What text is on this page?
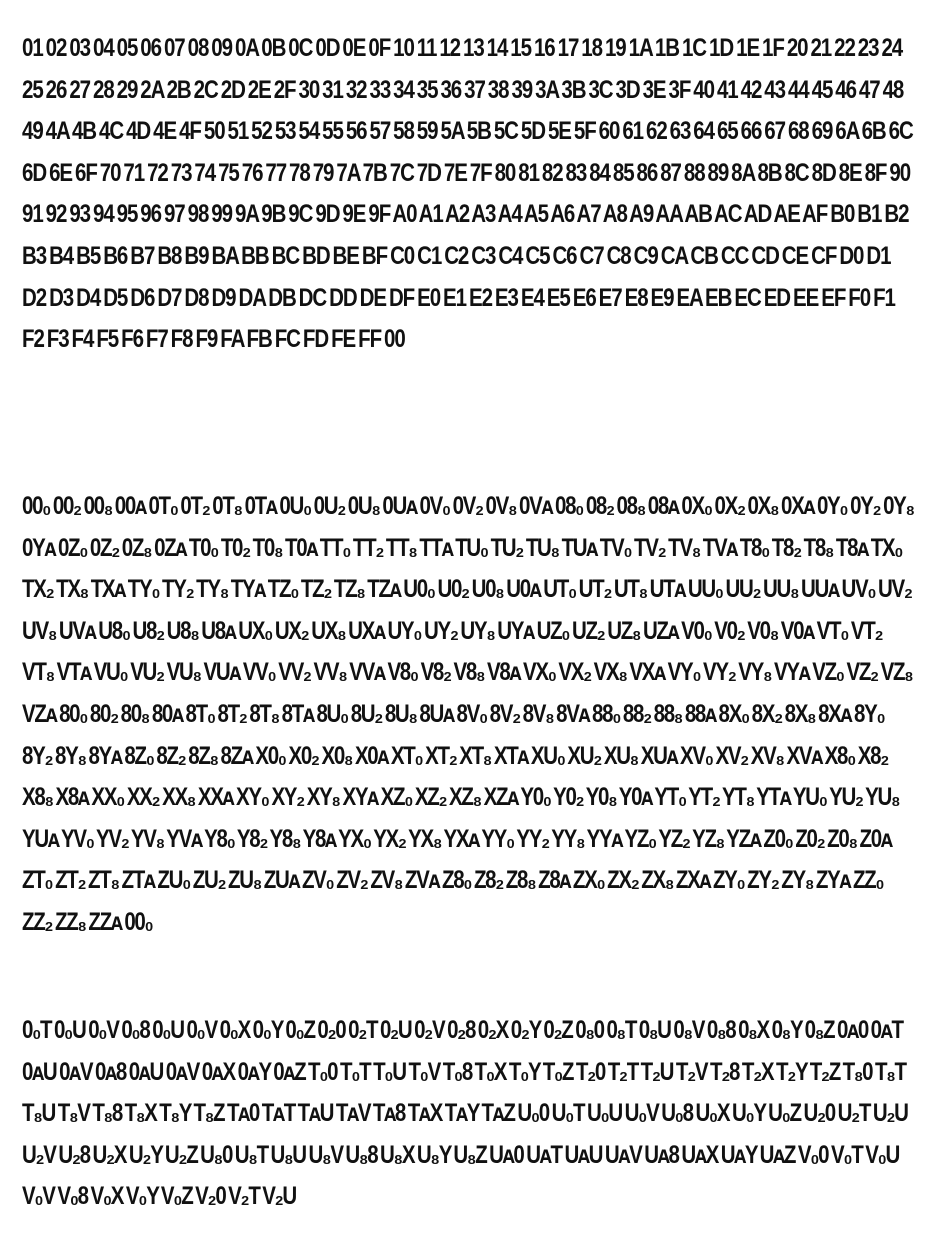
01 02 03 04 05 06 07 08 09 0A 0B 0C 0D 0E 0F 10 11 12 13 14 15 16 17 18 19 1A 1B 1C 1D 1E 1F 20 21 22 23 24 25 26 27 28 29 2A 2B 2C 2D 2E 2F 30 31 32 33 34 35 36 37 38 39 3A 3B 3C 3D 3E 3F 40 41 42 43 44 45 46 47 48 49 4A 4B 4C 4D 4E 4F 50 51 52 53 54 55 56 57 58 59 5A 5B 5C 5D 5E 5F 60 61 62 63 64 65 66 67 68 69 6A 6B 6C 6D 6E 6F 70 71 72 73 74 75 76 77 78 79 7A 7B 7C 7D 7E 7F 80 81 82 83 84 85 86 87 88 89 8A 8B 8C 8D 8E 8F 90 91 92 93 94 95 96 97 98 99 9A 9B 9C 9D 9E 9F A0 A1 A2 A3 A4 A5 A6 A7 A8 A9 AA AB AC AD AE AF B0 B1 B2 B3 B4 B5 B6 B7 B8 B9 BA BB BC BD BE BF C0 C1 C2 C3 C4 C5 C6 C7 C8 C9 CA CB CC CD CE CF D0 D1 D2 D3 D4 D5 D6 D7 D8 D9 DA DB DC DD DE DF E0 E1 E2 E3 E4 E5 E6 E7 E8 E9 EA EB EC ED EE EF F0 F1 F2 F3 F4 F5 F6 F7 F8 F9 FA FB FC FD FE FF 00

00₀ 00₂ 00₈ 00ᴀ 0T₀ 0T₂ 0T₈ 0Tᴀ 0U₀ 0U₂ 0U₈ 0Uᴀ 0V₀ 0V₂ 0V₈ 0Vᴀ 08₀ 08₂ 08₈ 08ᴀ 0X₀ 0X₂ 0X₈ 0Xᴀ 0Y₀ 0Y₂ 0Y₈ 0Yᴀ 0Z₀ 0Z₂ 0Z₈ 0Zᴀ T0₀ T0₂ T0₈ T0ᴀ TT₀ TT₂ TT₈ TTᴀ TU₀ TU₂ TU₈ TUᴀ TV₀ TV₂ TV₈ TVᴀ T8₀ T8₂ T8₈ T8ᴀ TX₀ TX₂ TX₈ TXᴀ TY₀ TY₂ TY₈ TYᴀ TZ₀ TZ₂ TZ₈ TZᴀ U0₀ U0₂ U0₈ U0ᴀ UT₀ UT₂ UT₈ UTᴀ UU₀ UU₂ UU₈ UUᴀ UV₀ UV₂ UV₈ UVᴀ U8₀ U8₂ U8₈ U8ᴀ UX₀ UX₂ UX₈ UXᴀ UY₀ UY₂ UY₈ UYᴀ UZ₀ UZ₂ UZ₈ UZᴀ V0₀ V0₂ V0₈ V0ᴀ VT₀ VT₂ VT₈ VTᴀ VU₀ VU₂ VU₈ VUᴀ VV₀ VV₂ VV₈ VVᴀ V8₀ V8₂ V8₈ V8ᴀ VX₀ VX₂ VX₈ VXᴀ VY₀ VY₂ VY₈ VYᴀ VZ₀ VZ₂ VZ₈ VZᴀ 80₀ 80₂ 80₈ 80ᴀ 8T₀ 8T₂ 8T₈ 8Tᴀ 8U₀ 8U₂ 8U₈ 8Uᴀ 8V₀ 8V₂ 8V₈ 8Vᴀ 88₀ 88₂ 88₈ 88ᴀ 8X₀ 8X₂ 8X₈ 8Xᴀ 8Y₀ 8Y₂ 8Y₈ 8Yᴀ 8Z₀ 8Z₂ 8Z₈ 8Zᴀ X0₀ X0₂ X0₈ X0ᴀ XT₀ XT₂ XT₈ XTᴀ XU₀ XU₂ XU₈ XUᴀ XV₀ XV₂ XV₈ XVᴀ X8₀ X8₂ X8₈ X8ᴀ XX₀ XX₂ XX₈ XXᴀ XY₀ XY₂ XY₈ XYᴀ XZ₀ XZ₂ XZ₈ XZᴀ Y0₀ Y0₂ Y0₈ Y0ᴀ YT₀ YT₂ YT₈ YTᴀ YU₀ YU₂ YU₈ YUᴀ YV₀ YV₂ YV₈ YVᴀ Y8₀ Y8₂ Y8₈ Y8ᴀ YX₀ YX₂ YX₈ YXᴀ YY₀ YY₂ YY₈ YYᴀ YZ₀ YZ₂ YZ₈ YZᴀ Z0₀ Z0₂ Z0₈ Z0ᴀ ZT₀ ZT₂ ZT₈ ZTᴀ ZU₀ ZU₂ ZU₈ ZUᴀ ZV₀ ZV₂ ZV₈ ZVᴀ Z8₀ Z8₂ Z8₈ Z8ᴀ ZX₀ ZX₂ ZX₈ ZXᴀ ZY₀ ZY₂ ZY₈ ZYᴀ ZZ₀ ZZ₂ ZZ₈ ZZᴀ 00₀

0₀T 0₀U 0₀V 0₀8 0₀U 0₀V 0₀X 0₀Y 0₀Z 0₂0 0₂T 0₂U 0₂V 0₂8 0₂X 0₂Y 0₂Z 0₈0 0₈T 0₈U 0₈V 0₈8 0₈X 0₈Y 0₈Z 0ᴀ0 0ᴀT 0ᴀU 0ᴀV 0ᴀ8 0ᴀU 0ᴀV 0ᴀX 0ᴀY 0ᴀZ T₀0 T₀T T₀U T₀V T₀8 T₀X T₀Y T₀Z T₂0 T₂T T₂U T₂V T₂8 T₂X T₂Y T₂Z T₈0 T₈T T₈U T₈V T₈8 T₈X T₈Y T₈Z Tᴀ0 TᴀT TᴀU TᴀV Tᴀ8 TᴀX TᴀY TᴀZ U₀0 U₀T U₀U U₀V U₀8 U₀X U₀Y U₀Z U₂0 U₂T U₂U U₂V U₂8 U₂X U₂Y U₂Z U₈0 U₈T U₈U U₈V U₈8 U₈X U₈Y U₈Z Uᴀ0 UᴀT UᴀU UᴀV Uᴀ8 UᴀX UᴀY UᴀZ V₀0 V₀T V₀U V₀V V₀8 V₀X V₀Y V₀Z V₂0 V₂T V₂U
